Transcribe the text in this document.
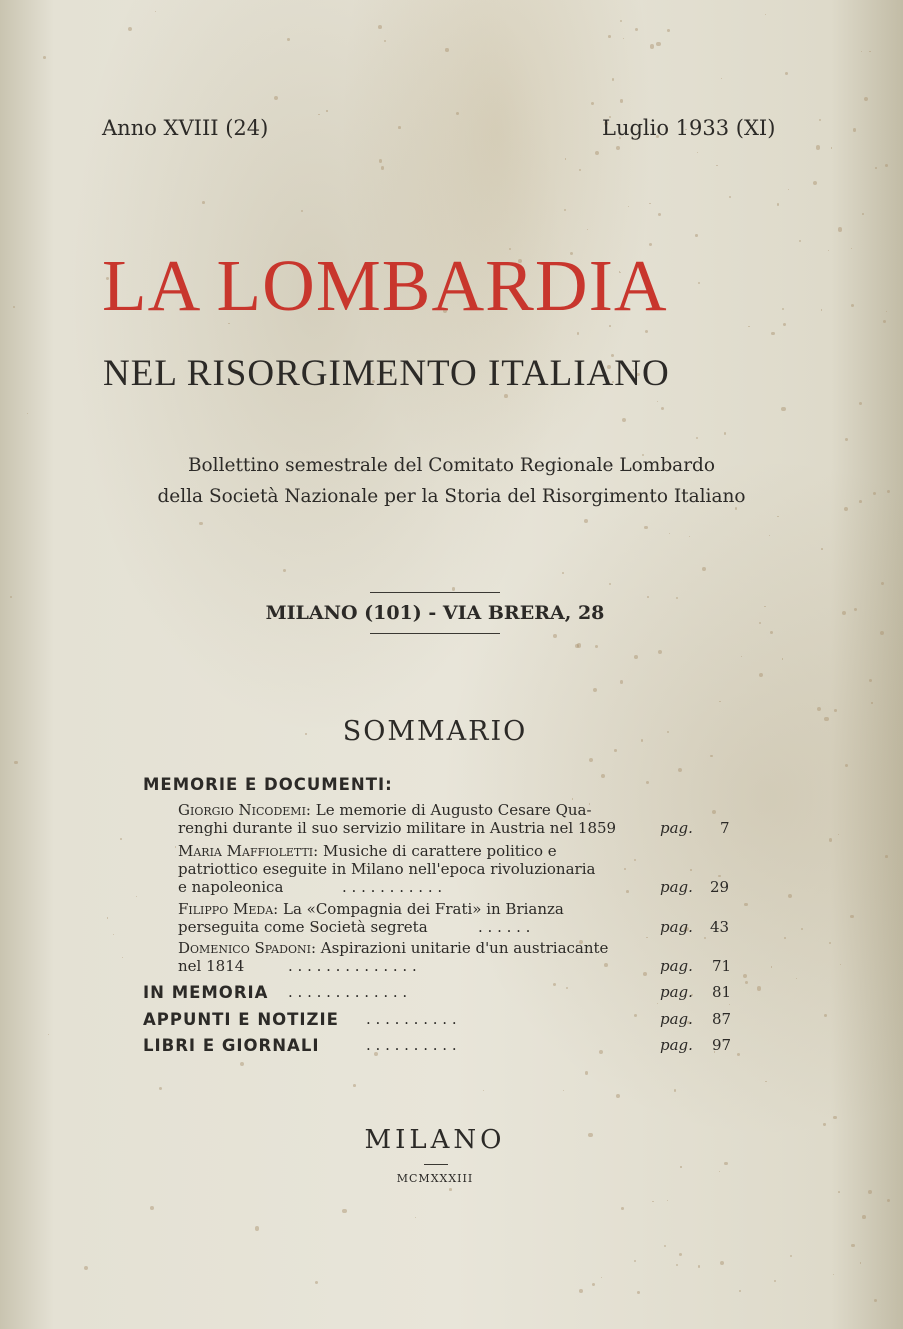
Anno XVIII (24)	Luglio 1933 (XI)
LA LOMBARDIA
NEL RISORGIMENTO ITALIANO
Bollettino semestrale del Comitato Regionale Lombardo
della Società Nazionale per la Storia del Risorgimento Italiano
MILANO (101) - VIA BRERA, 28
SOMMARIO
MEMORIE E DOCUMENTI:
Giorgio Nicodemi: Le memorie di Augusto Cesare Qua-
renghi durante il suo servizio militare in Austria nel 1859	pag. 7
Maria Maffioletti: Musiche di carattere politico e
patriottico eseguite in Milano nell'epoca rivoluzionaria
e napoleonica	. . . . . . . . . . .	pag. 29
Filippo Meda: La «Compagnia dei Frati» in Brianza
perseguita come Società segreta	. . . . . .	pag. 43
Domenico Spadoni: Aspirazioni unitarie d'un austriacante
nel 1814	. . . . . . . . . . . . . .	pag. 71
IN MEMORIA . . . . . . . . . . . . .	pag. 81
APPUNTI E NOTIZIE . . . . . . . . . .	pag. 87
LIBRI E GIORNALI	. . . . . . . . . .	pag. 97
MILANO
MCMXXXIII
